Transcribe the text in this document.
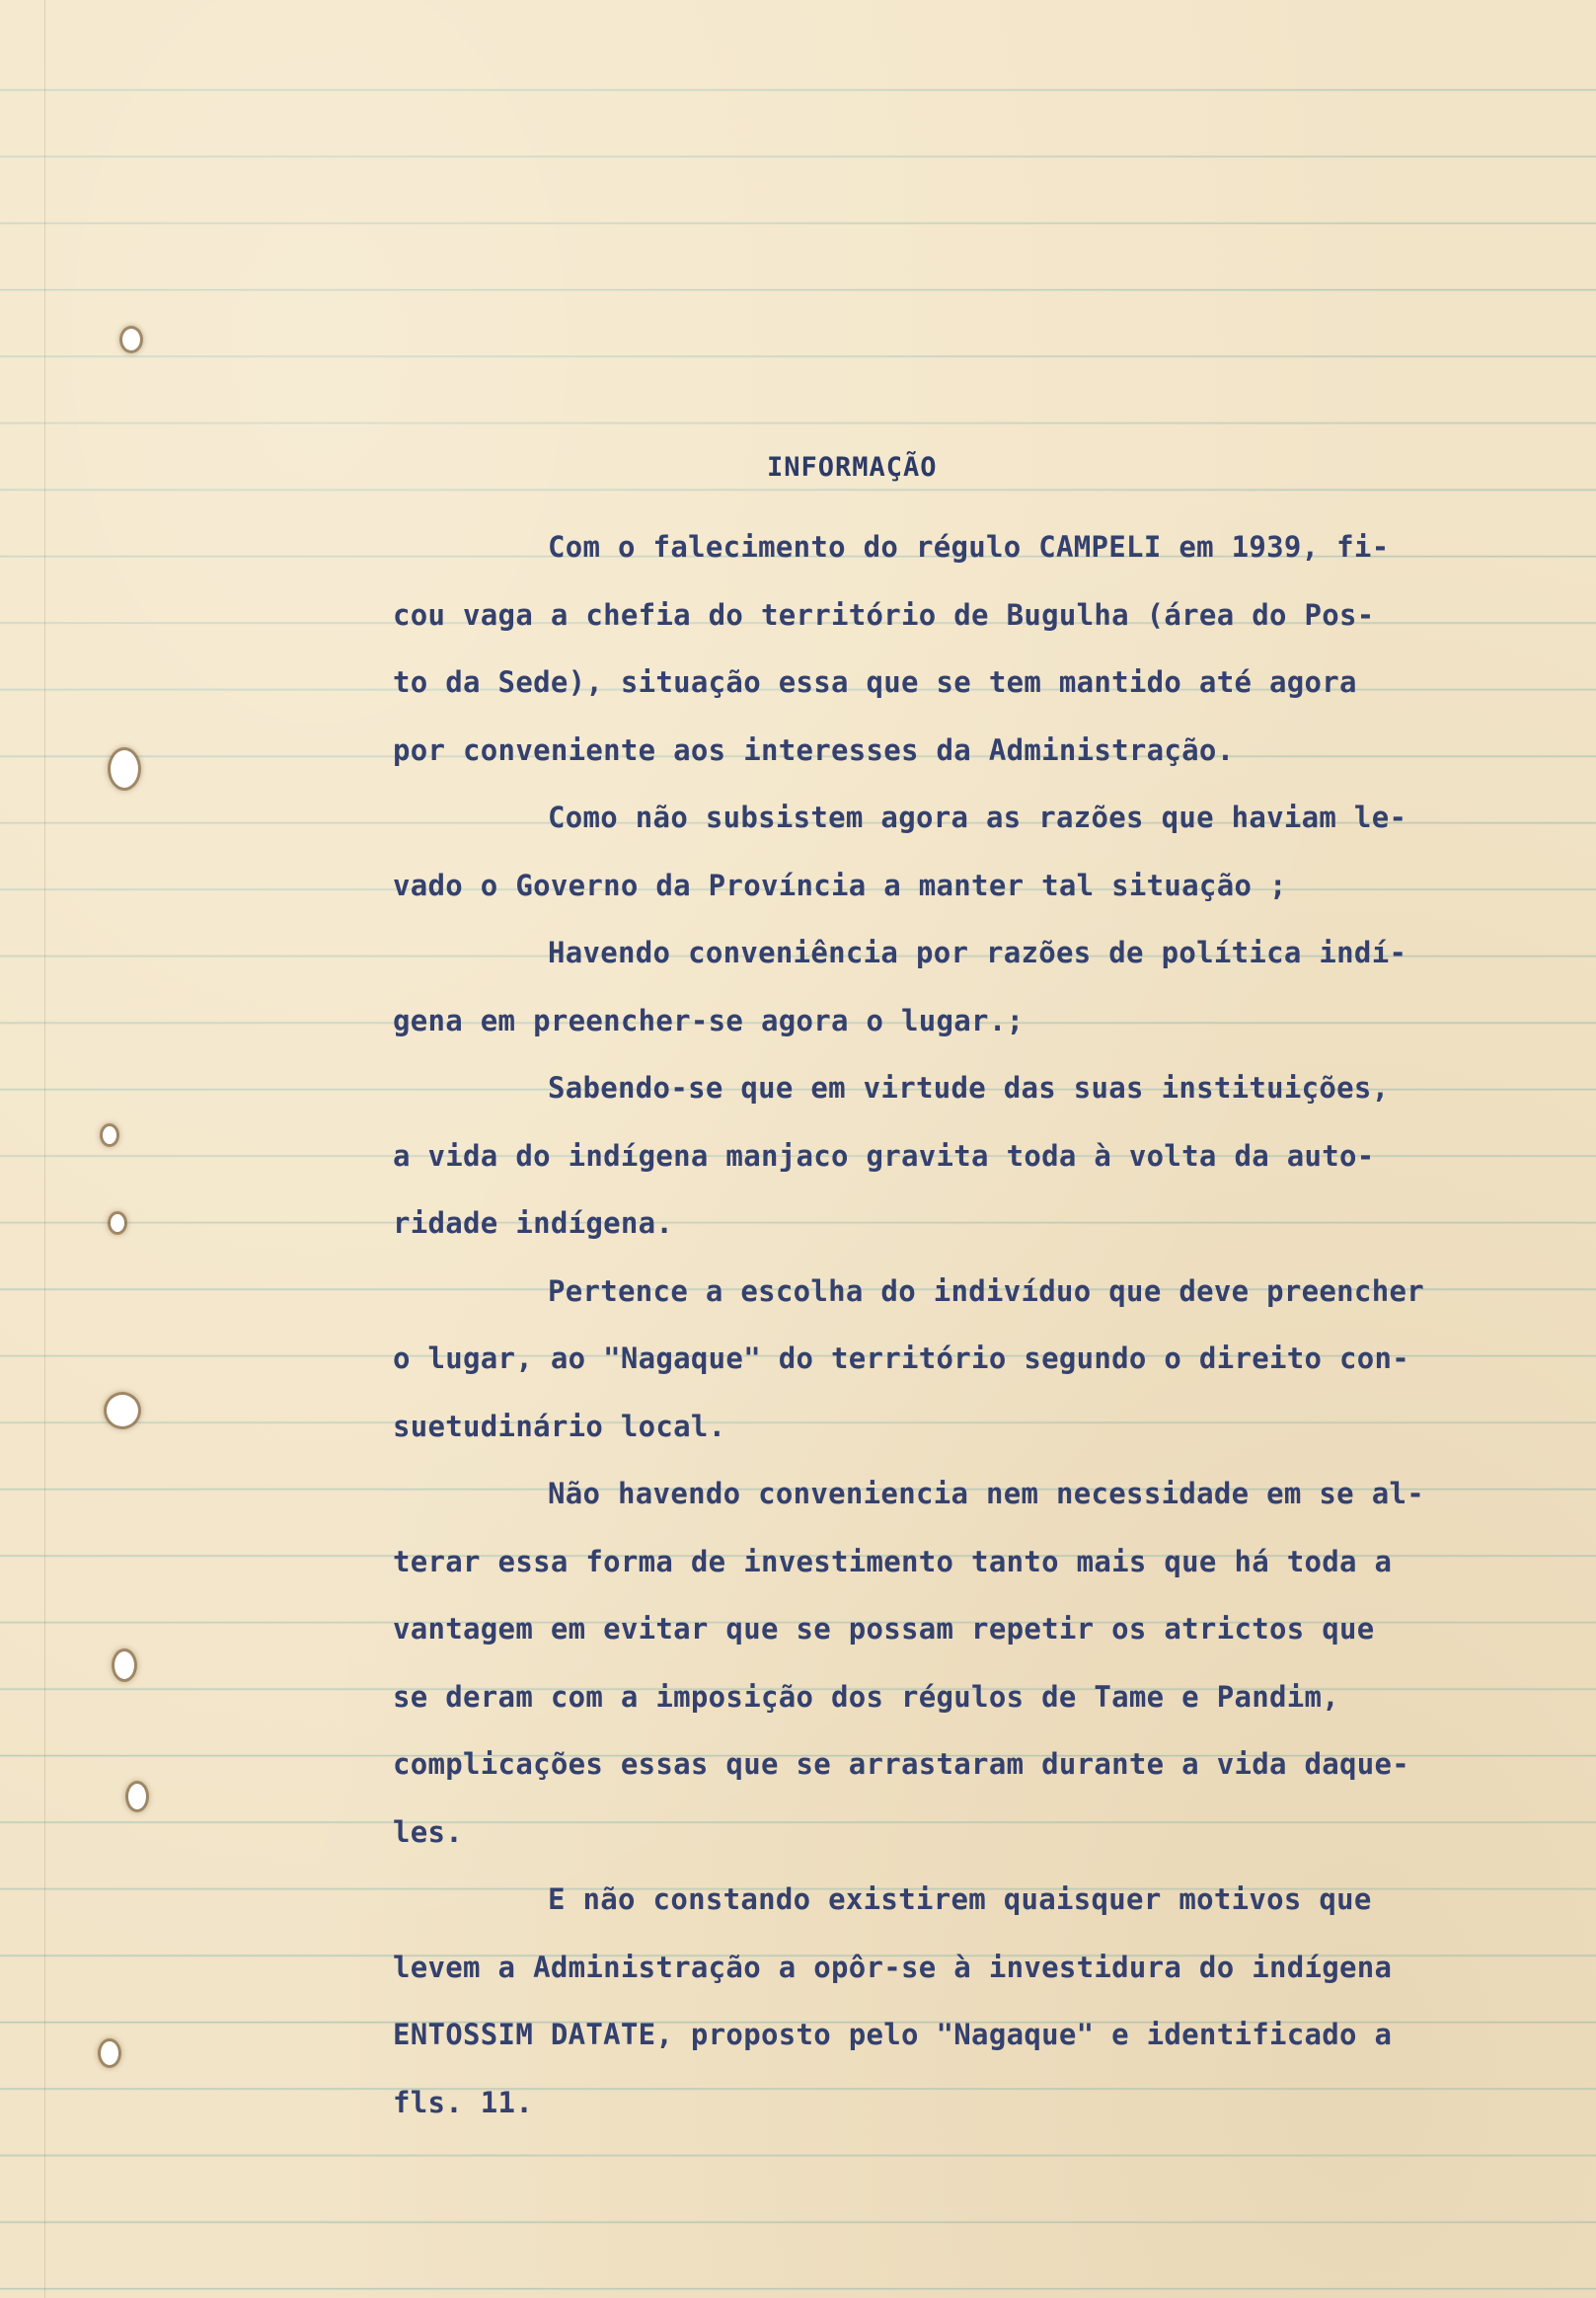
INFORMAÇÃO

Com o falecimento do régulo CAMPELI em 1939, fi-
cou vaga a chefia do território de Bugulha (área do Pos-
to da Sede), situação essa que se tem mantido até agora
por conveniente aos interesses da Administração.

Como não subsistem agora as razões que haviam le-
vado o Governo da Província a manter tal situação ;

Havendo conveniência por razões de política indí-
gena em preencher-se agora o lugar.;

Sabendo-se que em virtude das suas instituições,
a vida do indígena manjaco gravita toda à volta da auto-
ridade indígena.

Pertence a escolha do indivíduo que deve preencher
o lugar, ao "Nagaque" do território segundo o direito con-
suetudinário local.

Não havendo conveniencia nem necessidade em se al-
terar essa forma de investimento tanto mais que há toda a
vantagem em evitar que se possam repetir os atrictos que
se deram com a imposição dos régulos de Tame e Pandim,
complicações essas que se arrastaram durante a vida daque-
les.

E não constando existirem quaisquer motivos que
levem a Administração a opôr-se à investidura do indígena
ENTOSSIM DATATE, proposto pelo "Nagaque" e identificado a
fls. 11.
